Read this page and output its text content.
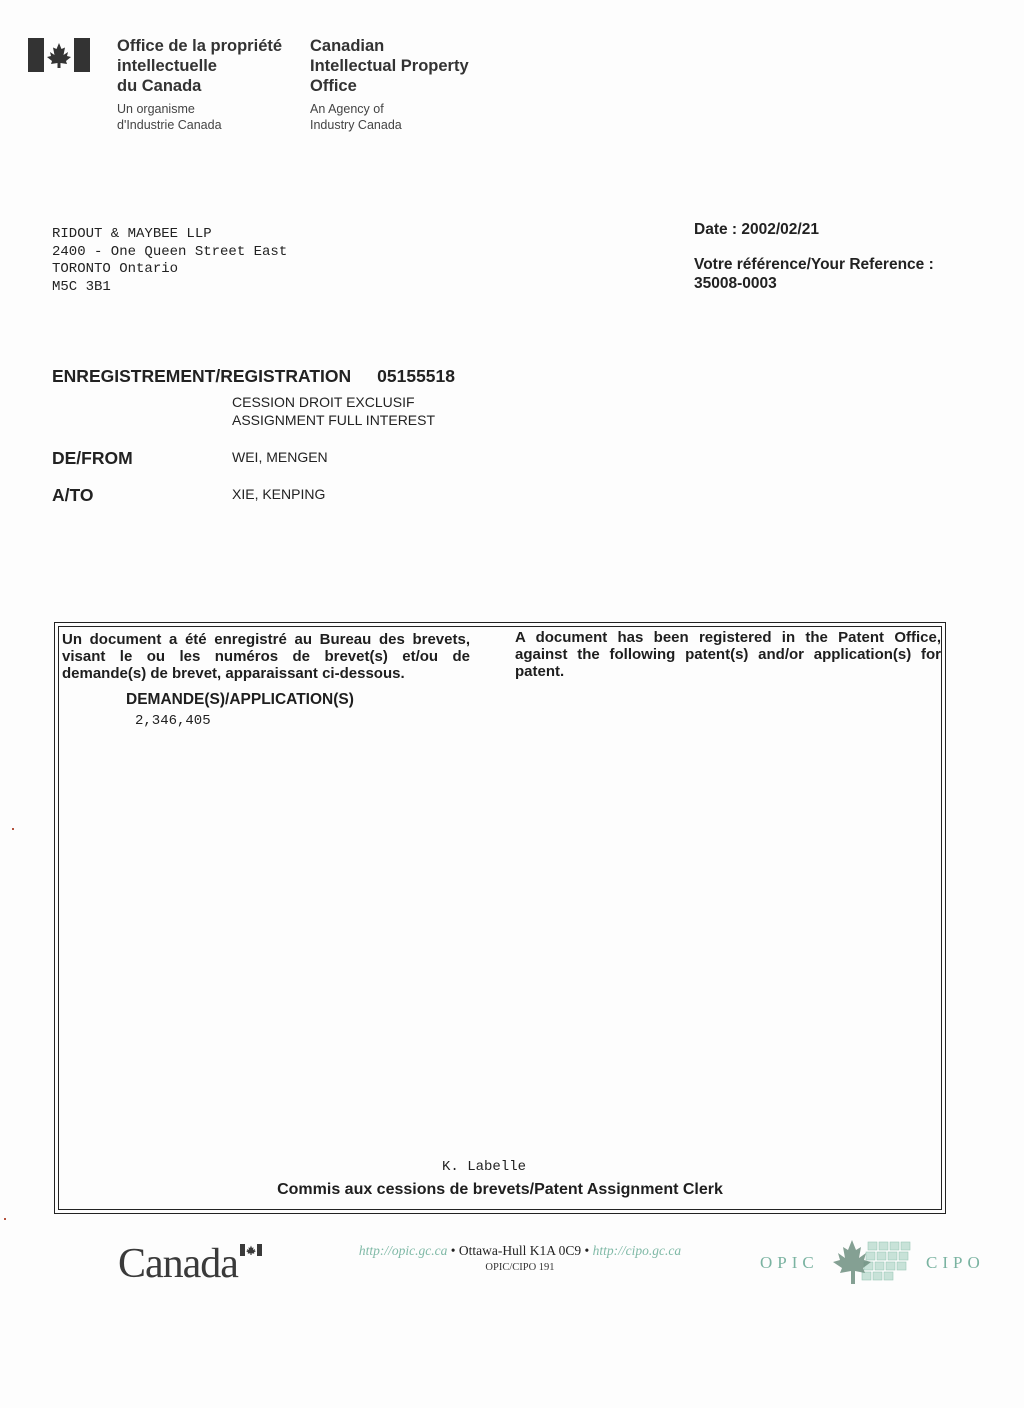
Office de la propriété
intellectuelle
du Canada
Un organisme
d'Industrie Canada
Canadian
Intellectual Property
Office
An Agency of
Industry Canada
RIDOUT & MAYBEE LLP
2400 - One Queen Street East
TORONTO Ontario
M5C 3B1
Date : 2002/02/21
Votre référence/Your Reference :
35008-0003
ENREGISTREMENT/REGISTRATION 05155518
CESSION DROIT EXCLUSIF
ASSIGNMENT FULL INTEREST
DE/FROM	WEI, MENGEN
A/TO	XIE, KENPING
Un document a été enregistré au Bureau des brevets, visant le ou les numéros de brevet(s) et/ou de demande(s) de brevet, apparaissant ci-dessous.
A document has been registered in the Patent Office, against the following patent(s) and/or application(s) for patent.
DEMANDE(S)/APPLICATION(S)
2,346,405
K. Labelle
Commis aux cessions de brevets/Patent Assignment Clerk
Canada	http://opic.gc.ca • Ottawa-Hull K1A 0C9 • http://cipo.gc.ca
OPIC/CIPO 191	OPIC	CIPO
